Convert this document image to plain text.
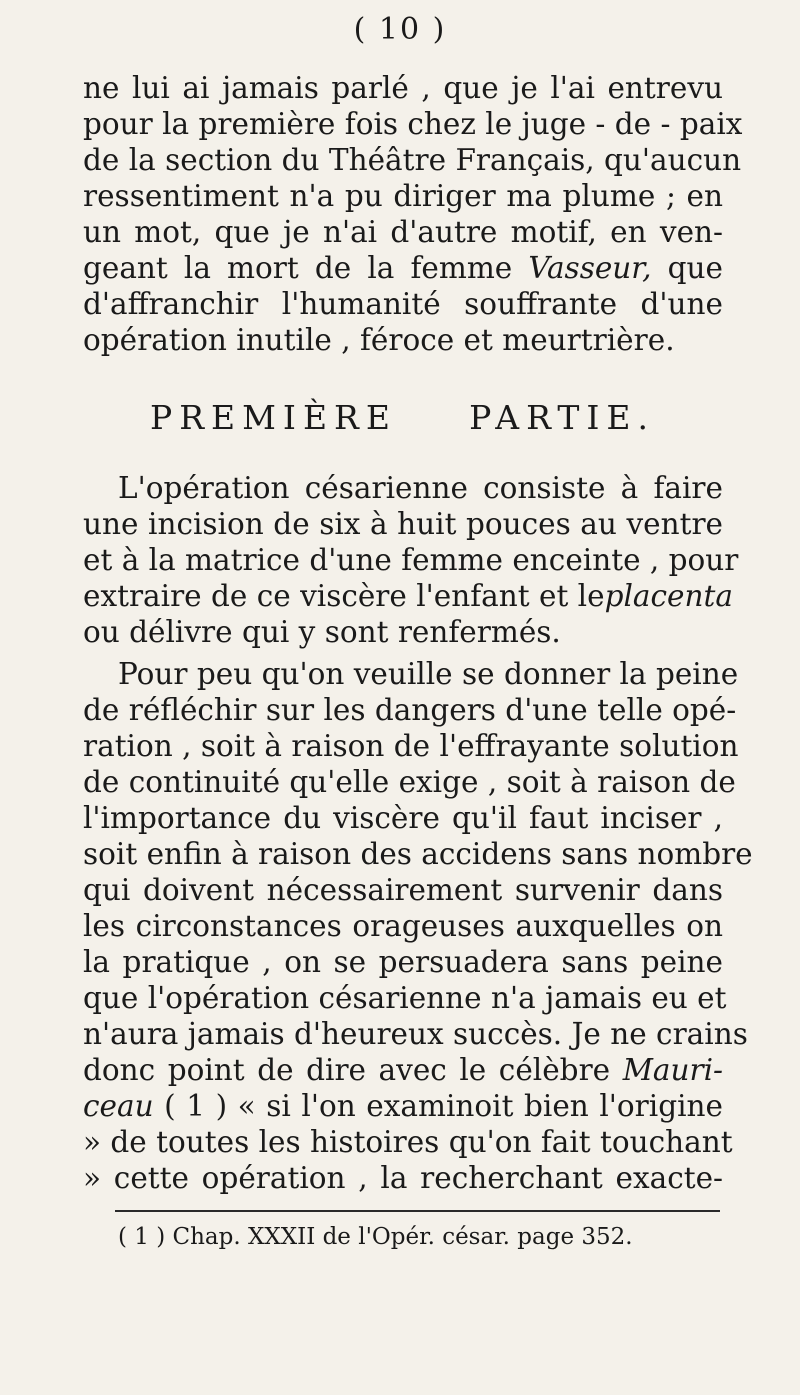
( 10 )
ne lui ai jamais parlé , que je l'ai entrevu
pour la première fois chez le juge - de - paix
de la section du Théâtre Français, qu'aucun
ressentiment n'a pu diriger ma plume ; en
un mot, que je n'ai d'autre motif, en ven-
geant la mort de la femme Vasseur, que
d'affranchir l'humanité souffrante d'une
opération inutile , féroce et meurtrière.
PREMIÈRE PARTIE.
L'opération césarienne consiste à faire
une incision de six à huit pouces au ventre
et à la matrice d'une femme enceinte , pour
extraire de ce viscère l'enfant et leplacenta
ou délivre qui y sont renfermés.
Pour peu qu'on veuille se donner la peine
de réfléchir sur les dangers d'une telle opé-
ration , soit à raison de l'effrayante solution
de continuité qu'elle exige , soit à raison de
l'importance du viscère qu'il faut inciser ,
soit enfin à raison des accidens sans nombre
qui doivent nécessairement survenir dans
les circonstances orageuses auxquelles on
la pratique , on se persuadera sans peine
que l'opération césarienne n'a jamais eu et
n'aura jamais d'heureux succès. Je ne crains
donc point de dire avec le célèbre Mauri-
ceau ( 1 ) « si l'on examinoit bien l'origine
» de toutes les histoires qu'on fait touchant
» cette opération , la recherchant exacte-
( 1 ) Chap. XXXII de l'Opér. césar. page 352.
